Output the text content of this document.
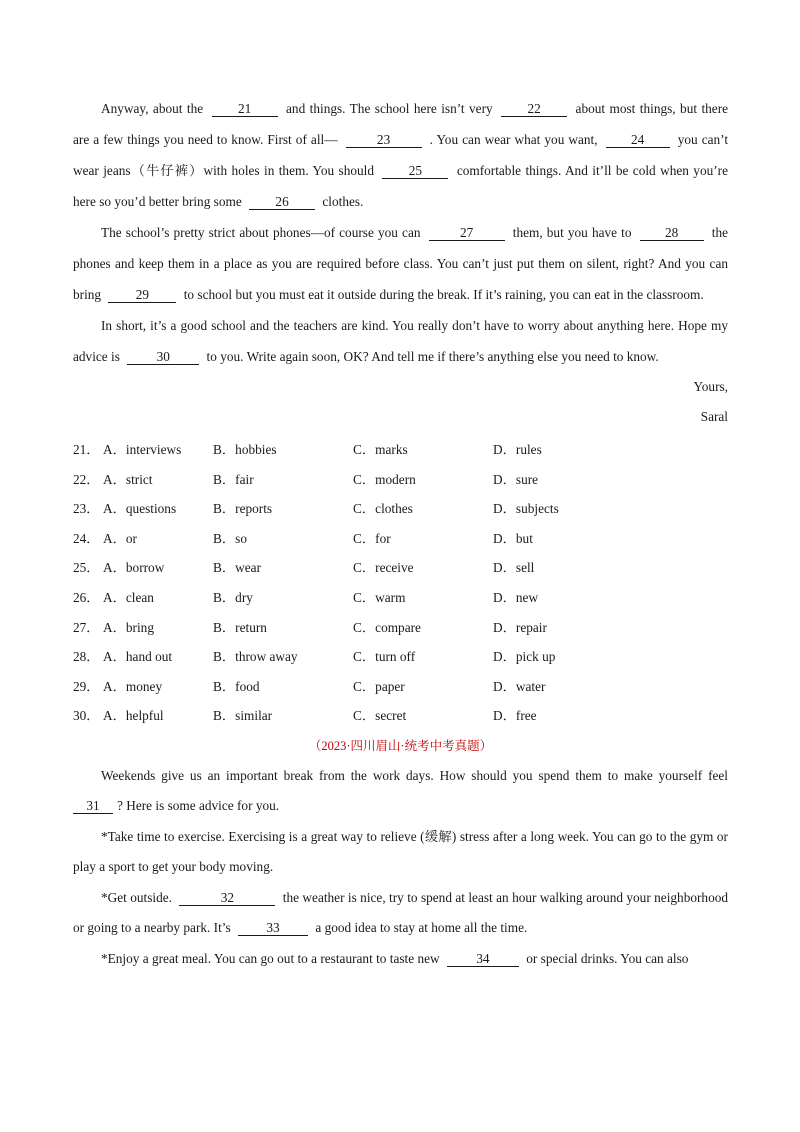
Anyway, about the	21	and things. The school here isn’t very	22	about most things, but there are a few things you need to know. First of all—	23	. You can wear what you want,	24	you can’t wear jeans（牛仔裤）with holes in them. You should	25	comfortable things. And it’ll be cold when you’re here so you’d better bring some	26	clothes.

The school’s pretty strict about phones—of course you can	27	them, but you have to	28	the phones and keep them in a place as you are required before class. You can’t just put them on silent, right? And you can bring	29	to school but you must eat it outside during the break. If it’s raining, you can eat in the classroom.

In short, it’s a good school and the teachers are kind. You really don’t have to worry about anything here. Hope my advice is	30	to you. Write again soon, OK? And tell me if there’s anything else you need to know.

Yours,

Saral

21． A．interviews	B．hobbies	C．marks	D．rules
22． A．strict	B．fair	C．modern	D．sure
23． A．questions	B．reports	C．clothes	D．subjects
24． A．or	B．so	C．for	D．but
25． A．borrow	B．wear	C．receive	D．sell
26． A．clean	B．dry	C．warm	D．new
27． A．bring	B．return	C．compare	D．repair
28． A．hand out	B．throw away	C．turn off	D．pick up
29． A．money	B．food	C．paper	D．water
30． A．helpful	B．similar	C．secret	D．free

（2023·四川眉山·统考中考真题）

Weekends give us an important break from the work days. How should you spend them to make yourself feel 31 ? Here is some advice for you.

*Take time to exercise. Exercising is a great way to relieve (缓解) stress after a long week. You can go to the gym or play a sport to get your body moving.

*Get outside.	32	the weather is nice, try to spend at least an hour walking around your neighborhood or going to a nearby park. It’s	33	a good idea to stay at home all the time.

*Enjoy a great meal. You can go out to a restaurant to taste new	34	or special drinks. You can also
